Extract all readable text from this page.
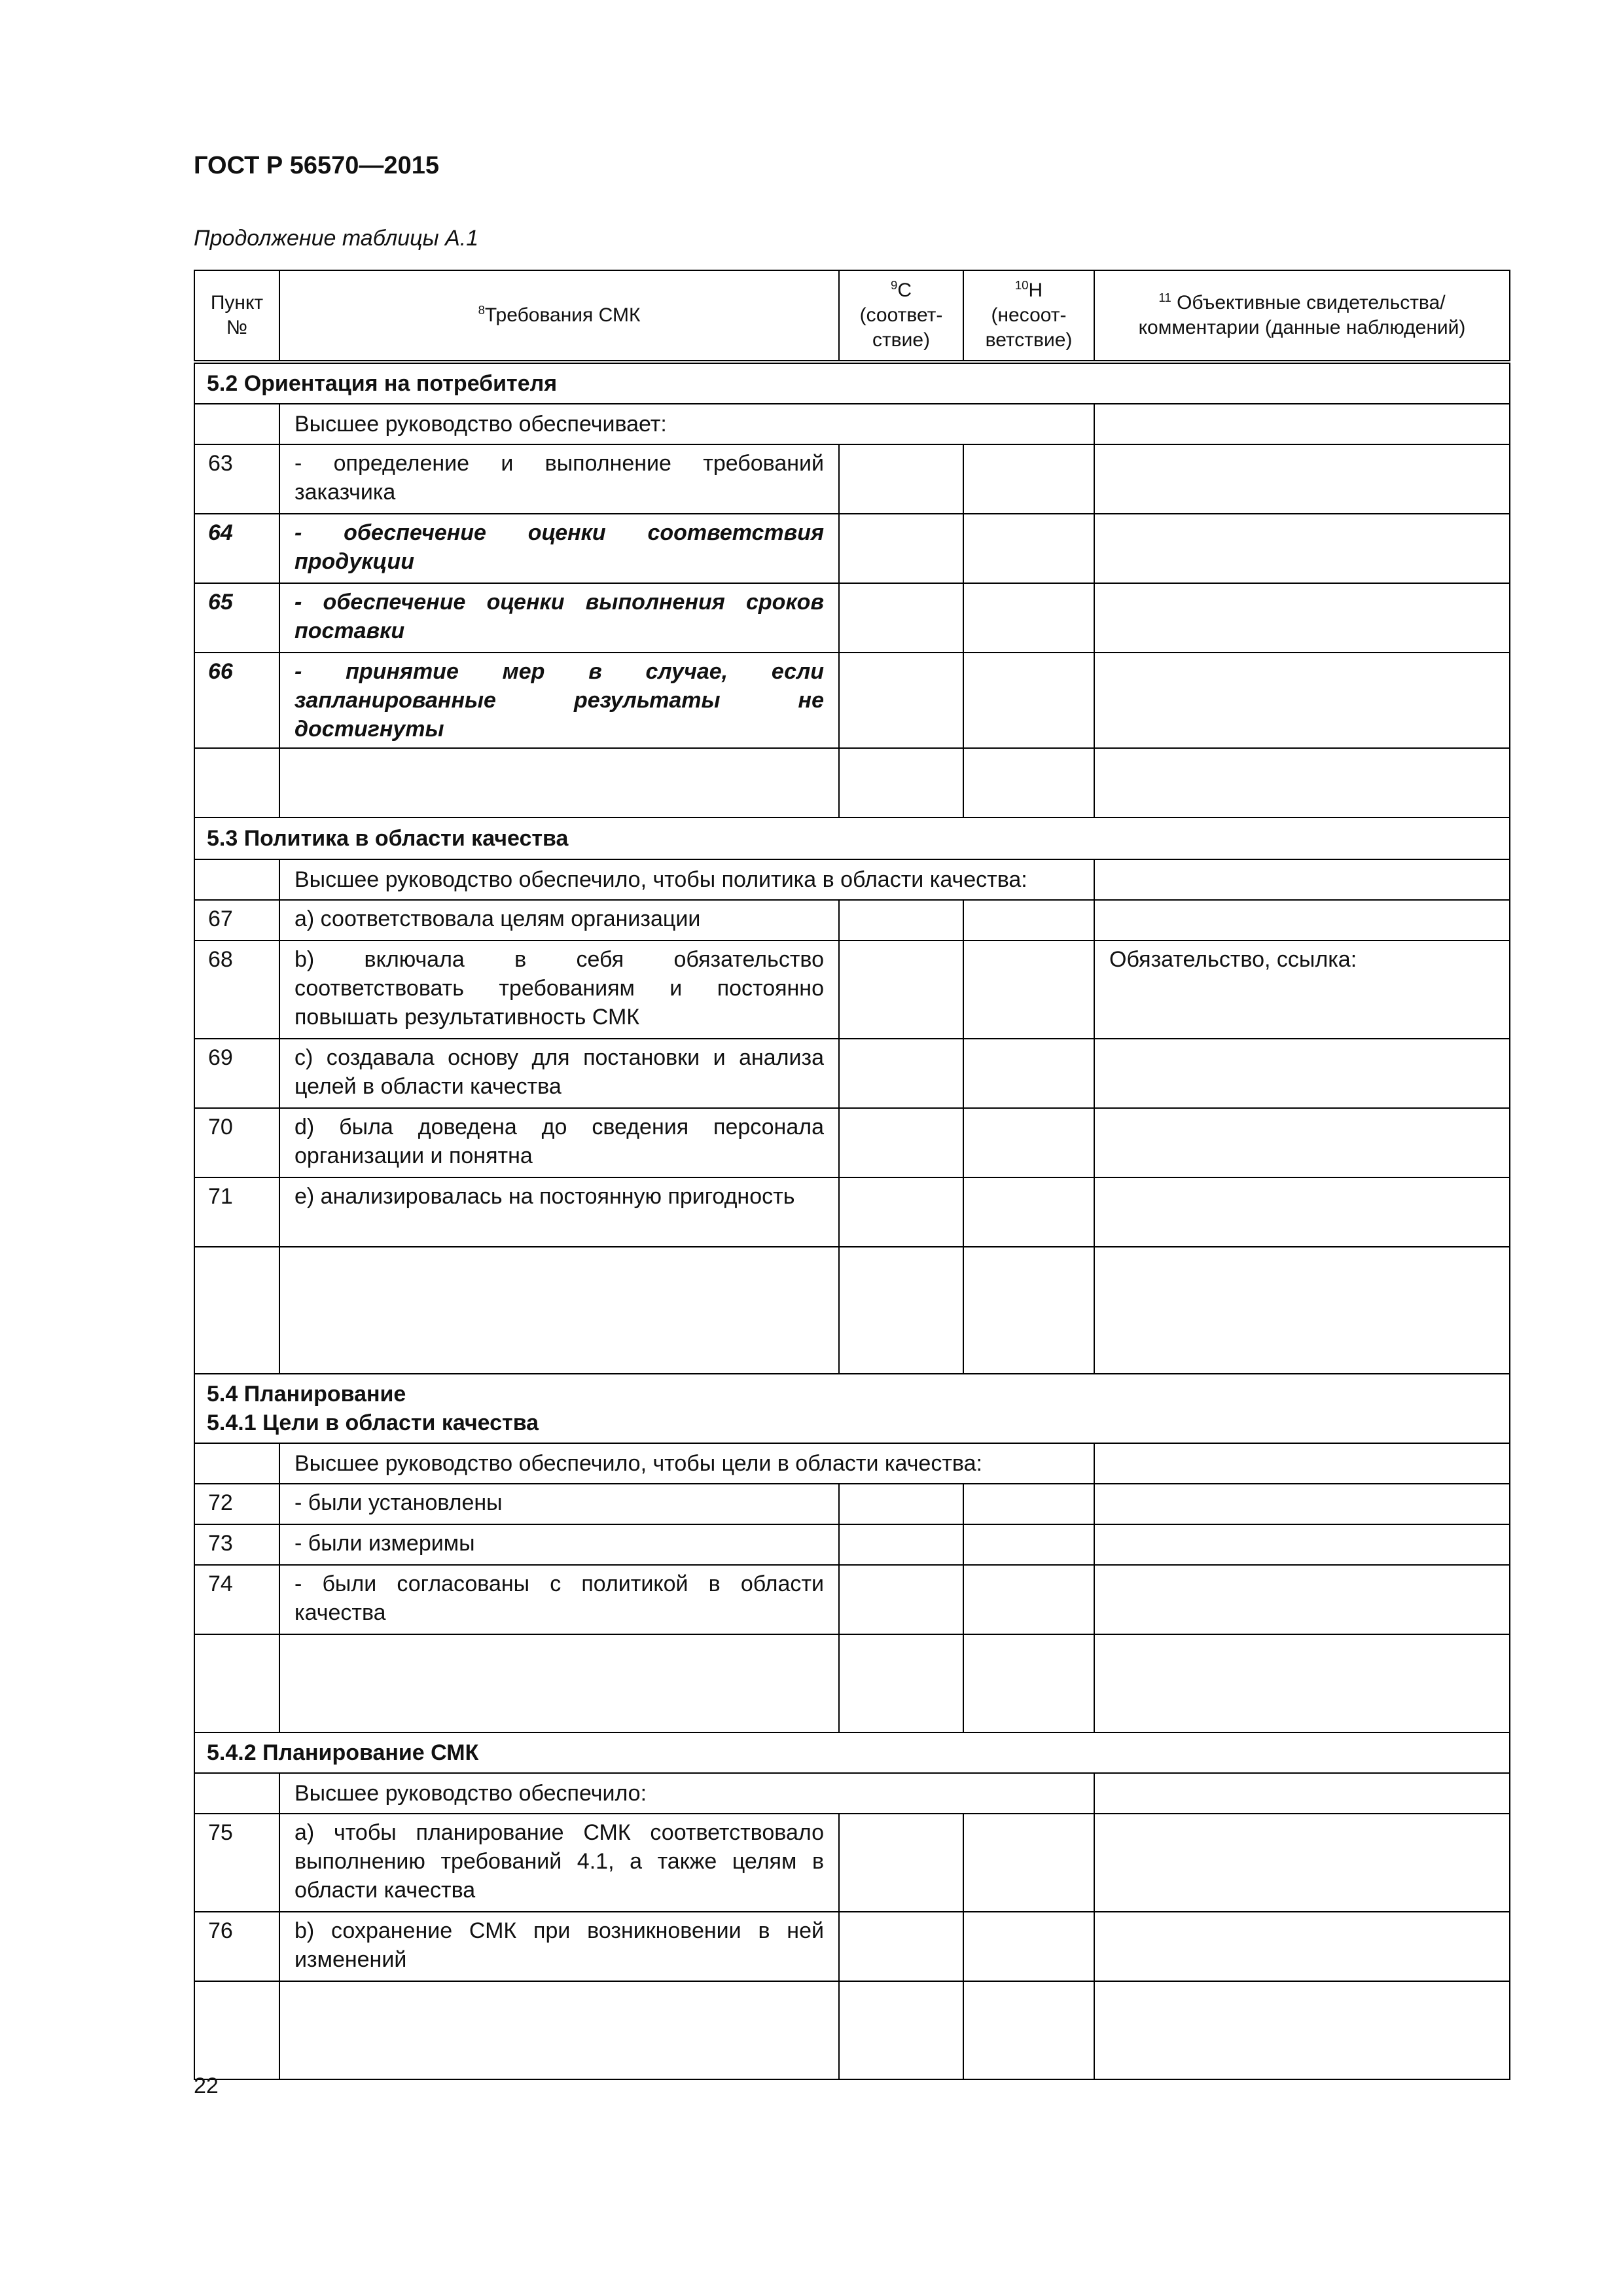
ГОСТ Р 56570—2015
Продолжение таблицы А.1
Пункт №	$^8$Требования СМК	$^9$С (соответ-ствие)	$^{10}$Н (несоот-ветствие)	$^{11}$ Объективные свидетельства/ комментарии (данные наблюдений)

5.2 Ориентация на потребителя				

	Высшее руководство обеспечивает:			
63	- определение и выполнение требований заказчика			
64	- обеспечение оценки соответствия продукции			
65	- обеспечение оценки выполнения сроков поставки			
66	- принятие мер в случае, если запланированные результаты не достигнуты			

5.3 Политика в области качества				

	Высшее руководство обеспечило, чтобы политика в области качества:			
67	a) соответствовала целям организации			
68	b) включала в себя обязательство соответствовать требованиям и постоянно повышать результативность СМК			Обязательство, ссылка:
69	c) создавала основу для постановки и анализа целей в области качества			
70	d) была доведена до сведения персонала организации и понятна			
71	e) анализировалась на постоянную пригодность			

5.4 Планирование
5.4.1 Цели в области качества				

	Высшее руководство обеспечило, чтобы цели в области качества:			
72	- были установлены			
73	- были измеримы			
74	- были согласованы с политикой в области качества			

5.4.2 Планирование СМК				

	Высшее руководство обеспечило:			
75	a) чтобы планирование СМК соответствовало выполнению требований 4.1, а также целям в области качества			
76	b) сохранение СМК при возникновении в ней изменений			

22
